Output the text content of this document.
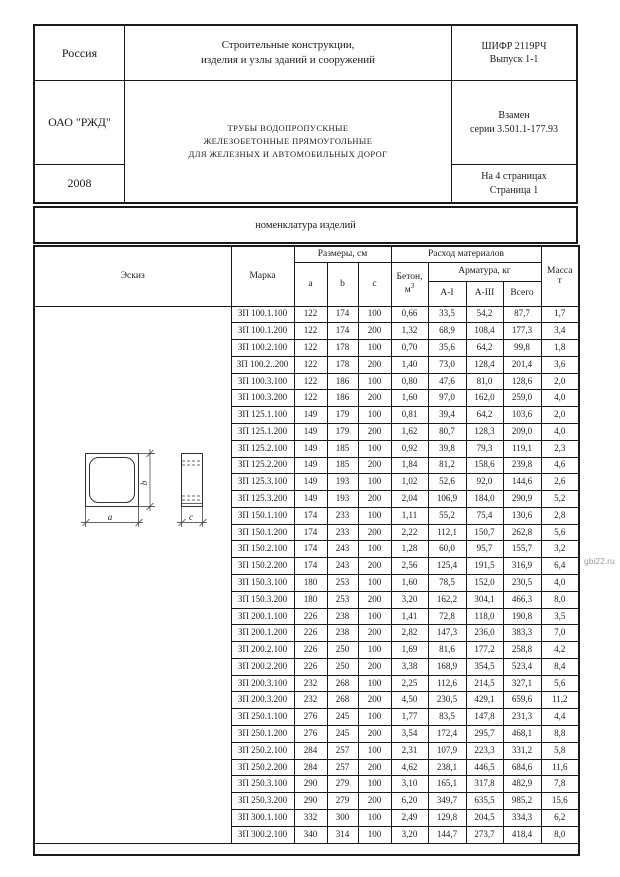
Россия
Строительные конструкции,
изделия и узлы зданий и сооружений
ШИФР 2119РЧ
Выпуск 1-1
ОАО "РЖД"	ТРУБЫ ВОДОПРОПУСКНЫЕ
ЖЕЛЕЗОБЕТОННЫЕ ПРЯМОУГОЛЬНЫЕ
ДЛЯ ЖЕЛЕЗНЫХ И АВТОМОБИЛЬНЫХ ДОРОГ
Взамен
серии 3.501.1-177.93
2008	На 4 страницах
Страница 1
номенклатура изделий
Эскиз	Марка	Размеры, см			Расход материалов				Масса
т
		a	b	c	Бетон,
$м^3$	Арматура, кг			
						А-I	А-III	Всего	

a
b
c	ЗП 100.1.100	122	174	100	0,66	33,5	54,2	87,7	1,7
	ЗП 100.1.200	122	174	200	1,32	68,9	108,4	177,3	3,4
	ЗП 100.2.100	122	178	100	0,70	35,6	64,2	99,8	1,8
	ЗП 100.2..200	122	178	200	1,40	73,0	128,4	201,4	3,6
	ЗП 100.3.100	122	186	100	0,80	47,6	81,0	128,6	2,0
	ЗП 100.3.200	122	186	200	1,60	97,0	162,0	259,0	4,0
	ЗП 125.1.100	149	179	100	0,81	39,4	64,2	103,6	2,0
	ЗП 125.1.200	149	179	200	1,62	80,7	128,3	209,0	4,0
	ЗП 125.2.100	149	185	100	0,92	39,8	79,3	119,1	2,3
	ЗП 125.2.200	149	185	200	1,84	81,2	158,6	239,8	4,6
	ЗП 125.3.100	149	193	100	1,02	52,6	92,0	144,6	2,6
	ЗП 125.3.200	149	193	200	2,04	106,9	184,0	290,9	5,2
	ЗП 150.1.100	174	233	100	1,11	55,2	75,4	130,6	2,8
	ЗП 150.1.200	174	233	200	2,22	112,1	150,7	262,8	5,6
	ЗП 150.2.100	174	243	100	1,28	60,0	95,7	155,7	3,2
	ЗП 150.2.200	174	243	200	2,56	125,4	191,5	316,9	6,4
	ЗП 150.3.100	180	253	100	1,60	78,5	152,0	230,5	4,0
	ЗП 150.3.200	180	253	200	3,20	162,2	304,1	466,3	8,0
	ЗП 200.1.100	226	238	100	1,41	72,8	118,0	190,8	3,5
	ЗП 200.1.200	226	238	200	2,82	147,3	236,0	383,3	7,0
	ЗП 200.2.100	226	250	100	1,69	81,6	177,2	258,8	4,2
	ЗП 200.2.200	226	250	200	3,38	168,9	354,5	523,4	8,4
	ЗП 200.3.100	232	268	100	2,25	112,6	214,5	327,1	5,6
	ЗП 200.3.200	232	268	200	4,50	230,5	429,1	659,6	11,2
	ЗП 250.1.100	276	245	100	1,77	83,5	147,8	231,3	4,4
	ЗП 250.1.200	276	245	200	3,54	172,4	295,7	468,1	8,8
	ЗП 250.2.100	284	257	100	2,31	107,9	223,3	331,2	5,8
	ЗП 250.2.200	284	257	200	4,62	238,1	446,5	684,6	11,6
	ЗП 250.3.100	290	279	100	3,10	165,1	317,8	482,9	7,8
	ЗП 250.3.200	290	279	200	6,20	349,7	635,5	985,2	15,6
	ЗП 300.1.100	332	300	100	2,49	129,8	204,5	334,3	6,2
	ЗП 300.2.100	340	314	100	3,20	144,7	273,7	418,4	8,0

gbi22.ru
